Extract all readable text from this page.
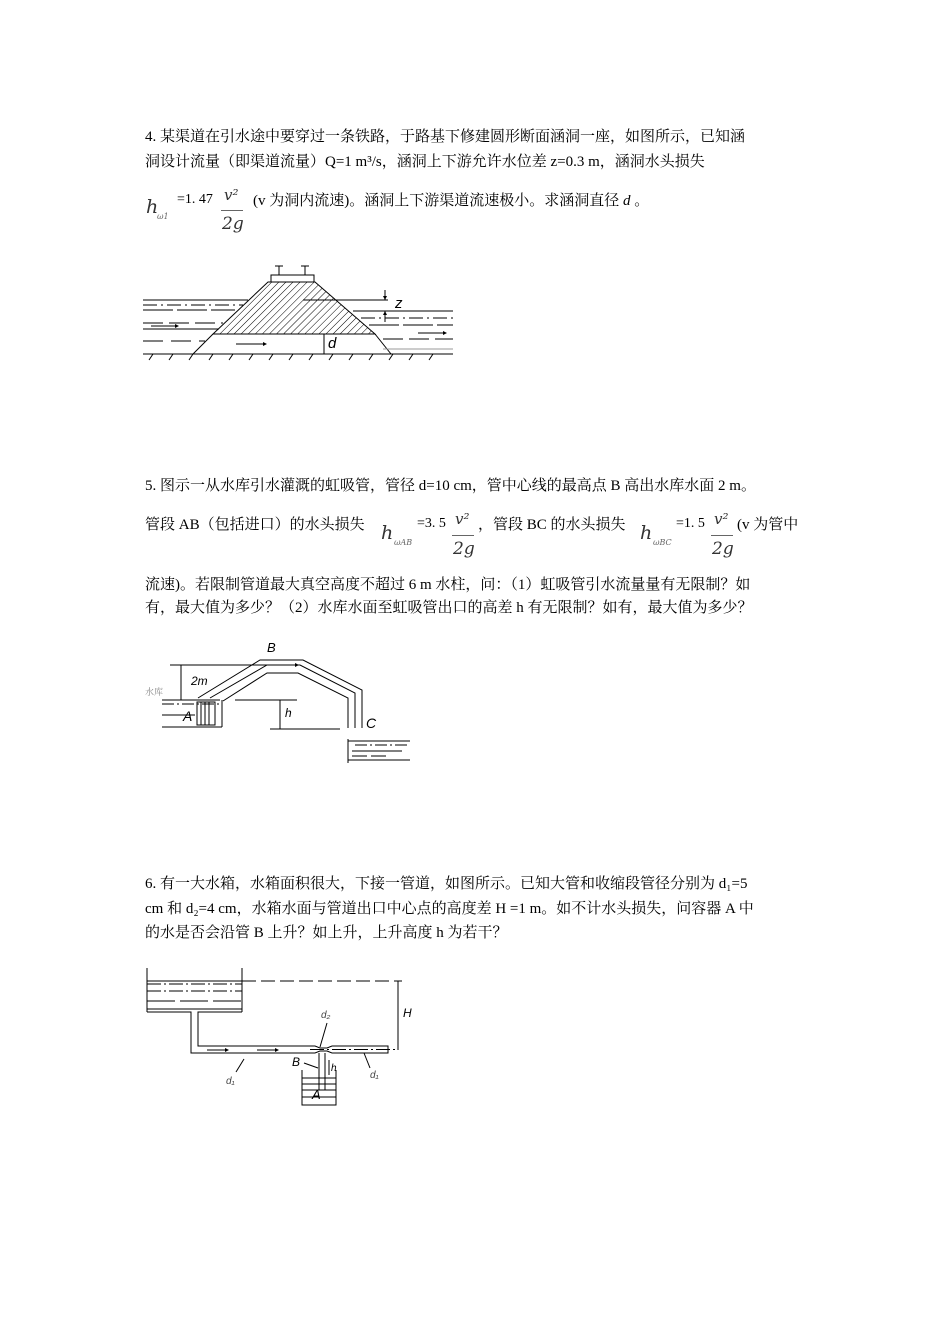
4. 某渠道在引水途中要穿过一条铁路，于路基下修建圆形断面涵洞一座，如图所示，已知涵
洞设计流量（即渠道流量）Q=1 m³/s，涵洞上下游允许水位差 z=0.3 m，涵洞水头损失
h
ω1
=1. 47 v²
2g
(v 为洞内流速)。涵洞上下游渠道流速极小。求涵洞直径 d 。
z
d
5. 图示一从水库引水灌溉的虹吸管，管径 d=10 cm，管中心线的最高点 B 高出水库水面 2 m。
管段 AB（包括进口）的水头损失 h ωAB
=3. 5 v²
2g
，管段 BC 的水头损失 h ωBC
=1. 5 v²
2g
(v 为管中
流速)。若限制管道最大真空高度不超过 6 m 水柱，问：（1）虹吸管引水流量量有无限制？如
有，最大值为多少？（2）水库水面至虹吸管出口的高差 h 有无限制？如有，最大值为多少？
B
2m
水库
A	h
C
6. 有一大水箱，水箱面积很大，下接一管道，如图所示。已知大管和收缩段管径分别为 d₁=5
cm 和 d₂=4 cm，水箱水面与管道出口中心点的高度差 H =1 m。如不计水头损失，问容器 A 中
的水是否会沿管 B 上升？如上升，上升高度 h 为若干？
d₂
d₁
d₁
B	h
A
H
